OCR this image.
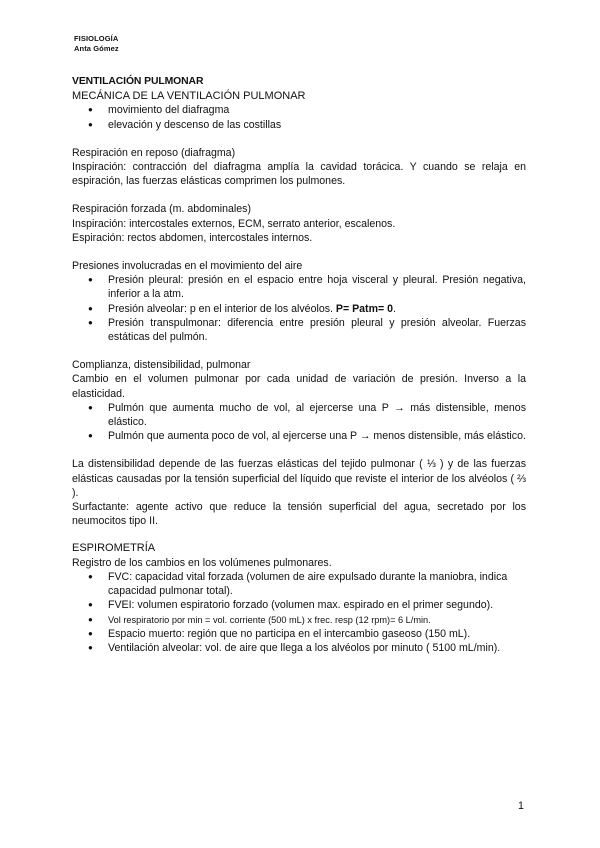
FISIOLOGÍA
Anta Gómez

VENTILACIÓN PULMONAR

MECÁNICA DE LA VENTILACIÓN PULMONAR

● movimiento del diafragma
● elevación y descenso de las costillas

Respiración en reposo (diafragma)

Inspiración: contracción del diafragma amplía la cavidad torácica. Y cuando se relaja en espiración, las fuerzas elásticas comprimen los pulmones.

Respiración forzada (m. abdominales)

Inspiración: intercostales externos, ECM, serrato anterior, escalenos.

Espiración: rectos abdomen, intercostales internos.

Presiones involucradas en el movimiento del aire

● Presión pleural: presión en el espacio entre hoja visceral y pleural. Presión negativa, inferior a la atm.
● Presión alveolar: p en el interior de los alvéolos. P= Patm= 0.
● Presión transpulmonar: diferencia entre presión pleural y presión alveolar. Fuerzas estáticas del pulmón.

Complianza, distensibilidad, pulmonar

Cambio en el volumen pulmonar por cada unidad de variación de presión. Inverso a la elasticidad.

● Pulmón que aumenta mucho de vol, al ejercerse una P → más distensible, menos elástico.
● Pulmón que aumenta poco de vol, al ejercerse una P → menos distensible, más elástico.

La distensibilidad depende de las fuerzas elásticas del tejido pulmonar ( ⅓ ) y de las fuerzas elásticas causadas por la tensión superficial del líquido que reviste el interior de los alvéolos ( ⅔ ).

Surfactante: agente activo que reduce la tensión superficial del agua, secretado por los neumocitos tipo II.

ESPIROMETRÍA

Registro de los cambios en los volúmenes pulmonares.

● FVC: capacidad vital forzada (volumen de aire expulsado durante la maniobra, indica capacidad pulmonar total).
● FVEI: volumen espiratorio forzado (volumen max. espirado en el primer segundo).
● Vol respiratorio por min = vol. corriente (500 mL) x frec. resp (12 rpm)= 6 L/min.
● Espacio muerto: región que no participa en el intercambio gaseoso (150 mL).
● Ventilación alveolar: vol. de aire que llega a los alvéolos por minuto ( 5100 mL/min).
1
